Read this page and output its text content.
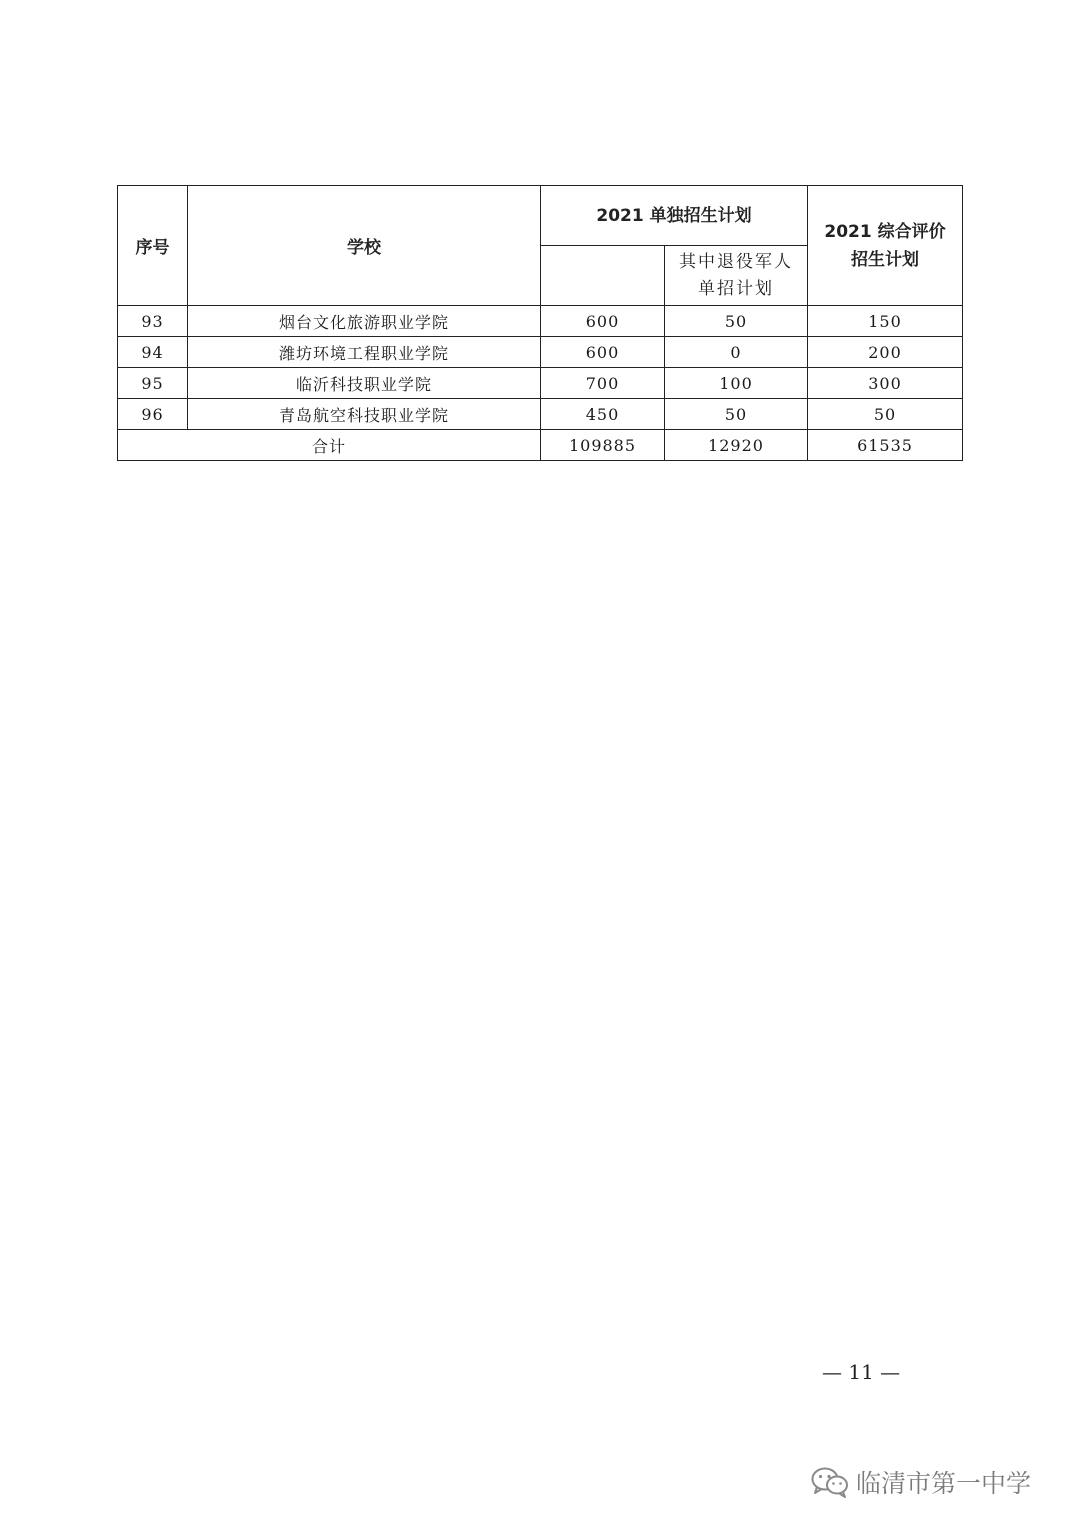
序号	学校	2021 单独招生计划		2021 综合评价
招生计划

			其中退役军人
单招计划	

93	烟台文化旅游职业学院	600	50	150
94	潍坊环境工程职业学院	600	0	200
95	临沂科技职业学院	700	100	300
96	青岛航空科技职业学院	450	50	50
合计		109885	12920	61535
— 11 —
临清市第一中学
